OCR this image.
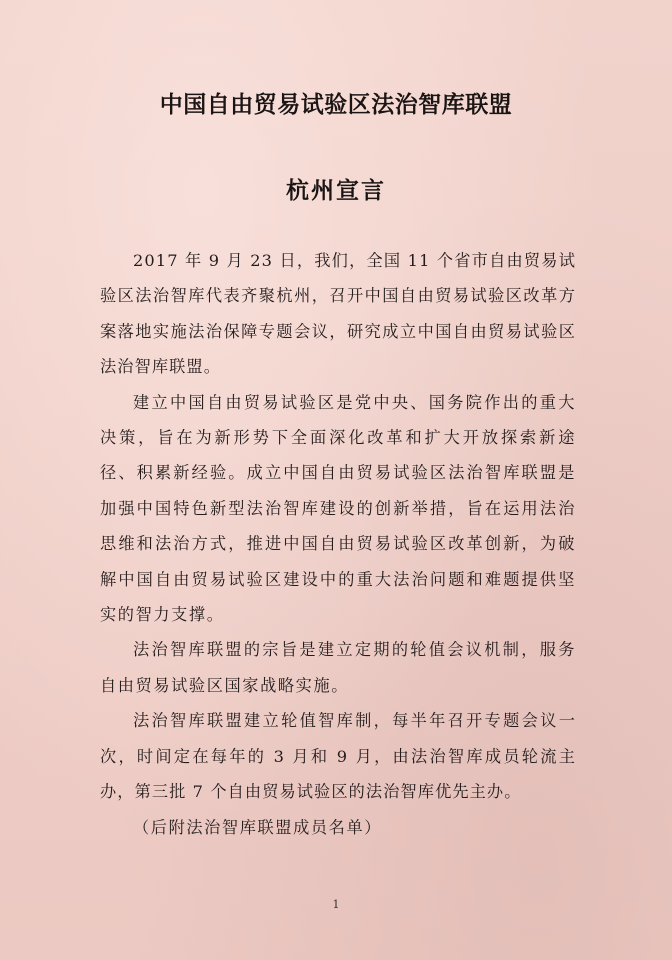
中国自由贸易试验区法治智库联盟
杭州宣言

2017 年 9 月 23 日，我们，全国 11 个省市自由贸易试验区法治智库代表齐聚杭州，召开中国自由贸易试验区改革方案落地实施法治保障专题会议，研究成立中国自由贸易试验区法治智库联盟。

建立中国自由贸易试验区是党中央、国务院作出的重大决策，旨在为新形势下全面深化改革和扩大开放探索新途径、积累新经验。成立中国自由贸易试验区法治智库联盟是加强中国特色新型法治智库建设的创新举措，旨在运用法治思维和法治方式，推进中国自由贸易试验区改革创新，为破解中国自由贸易试验区建设中的重大法治问题和难题提供坚实的智力支撑。

法治智库联盟的宗旨是建立定期的轮值会议机制，服务自由贸易试验区国家战略实施。

法治智库联盟建立轮值智库制，每半年召开专题会议一次，时间定在每年的 3 月和 9 月，由法治智库成员轮流主办，第三批 7 个自由贸易试验区的法治智库优先主办。

（后附法治智库联盟成员名单）

1
